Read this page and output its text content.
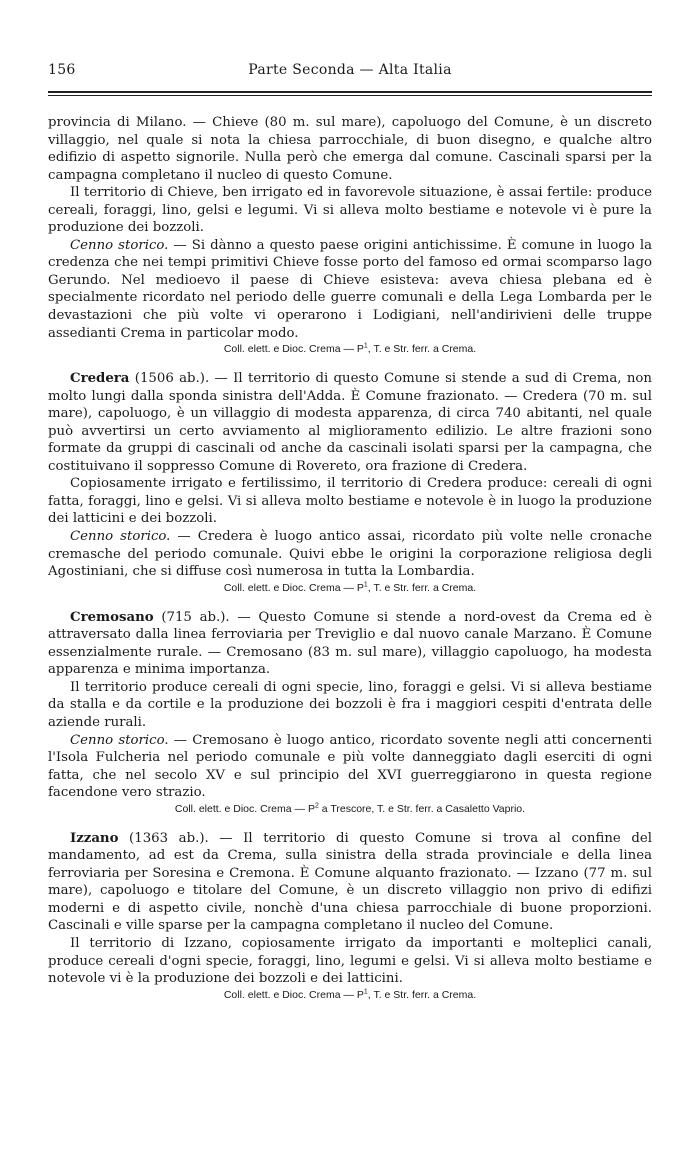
156	Parte Seconda — Alta Italia

provincia di Milano. — Chieve (80 m. sul mare), capoluogo del Comune, è un discreto villaggio, nel quale si nota la chiesa parrocchiale, di buon disegno, e qualche altro edifizio di aspetto signorile. Nulla però che emerga dal comune. Cascinali sparsi per la campagna completano il nucleo di questo Comune.

Il territorio di Chieve, ben irrigato ed in favorevole situazione, è assai fertile: produce cereali, foraggi, lino, gelsi e legumi. Vi si alleva molto bestiame e notevole vi è pure la produzione dei bozzoli.

Cenno storico. — Si dànno a questo paese origini antichissime. È comune in luogo la credenza che nei tempi primitivi Chieve fosse porto del famoso ed ormai scomparso lago Gerundo. Nel medioevo il paese di Chieve esisteva: aveva chiesa plebana ed è specialmente ricordato nel periodo delle guerre comunali e della Lega Lombarda per le devastazioni che più volte vi operarono i Lodigiani, nell'andirivieni delle truppe assedianti Crema in particolar modo.

Coll. elett. e Dioc. Crema — $P^1$, T. e Str. ferr. a Crema.

Credera (1506 ab.). — Il territorio di questo Comune si stende a sud di Crema, non molto lungi dalla sponda sinistra dell'Adda. È Comune frazionato. — Credera (70 m. sul mare), capoluogo, è un villaggio di modesta apparenza, di circa 740 abitanti, nel quale può avvertirsi un certo avviamento al miglioramento edilizio. Le altre frazioni sono formate da gruppi di cascinali od anche da cascinali isolati sparsi per la campagna, che costituivano il soppresso Comune di Rovereto, ora frazione di Credera.

Copiosamente irrigato e fertilissimo, il territorio di Credera produce: cereali di ogni fatta, foraggi, lino e gelsi. Vi si alleva molto bestiame e notevole è in luogo la produzione dei latticini e dei bozzoli.

Cenno storico. — Credera è luogo antico assai, ricordato più volte nelle cronache cremasche del periodo comunale. Quivi ebbe le origini la corporazione religiosa degli Agostiniani, che si diffuse così numerosa in tutta la Lombardia.

Coll. elett. e Dioc. Crema — $P^1$, T. e Str. ferr. a Crema.

Cremosano (715 ab.). — Questo Comune si stende a nord-ovest da Crema ed è attraversato dalla linea ferroviaria per Treviglio e dal nuovo canale Marzano. È Comune essenzialmente rurale. — Cremosano (83 m. sul mare), villaggio capoluogo, ha modesta apparenza e minima importanza.

Il territorio produce cereali di ogni specie, lino, foraggi e gelsi. Vi si alleva bestiame da stalla e da cortile e la produzione dei bozzoli è fra i maggiori cespiti d'entrata delle aziende rurali.

Cenno storico. — Cremosano è luogo antico, ricordato sovente negli atti concernenti l'Isola Fulcheria nel periodo comunale e più volte danneggiato dagli eserciti di ogni fatta, che nel secolo XV e sul principio del XVI guerreggiarono in questa regione facendone vero strazio.

Coll. elett. e Dioc. Crema — $P^2$ a Trescore, T. e Str. ferr. a Casaletto Vaprio.

Izzano (1363 ab.). — Il territorio di questo Comune si trova al confine del mandamento, ad est da Crema, sulla sinistra della strada provinciale e della linea ferroviaria per Soresina e Cremona. È Comune alquanto frazionato. — Izzano (77 m. sul mare), capoluogo e titolare del Comune, è un discreto villaggio non privo di edifizi moderni e di aspetto civile, nonchè d'una chiesa parrocchiale di buone proporzioni. Cascinali e ville sparse per la campagna completano il nucleo del Comune.

Il territorio di Izzano, copiosamente irrigato da importanti e molteplici canali, produce cereali d'ogni specie, foraggi, lino, legumi e gelsi. Vi si alleva molto bestiame e notevole vi è la produzione dei bozzoli e dei latticini.

Coll. elett. e Dioc. Crema — $P^1$, T. e Str. ferr. a Crema.
